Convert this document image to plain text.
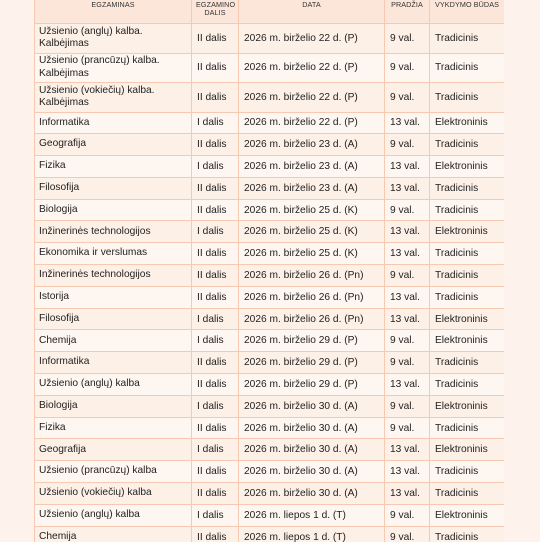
EGZAMINAS	EGZAMINO DALIS	DATA	PRADŽIA	VYKDYMO BŪDAS
Užsienio (anglų) kalba. Kalbėjimas	II dalis	2026 m. birželio 22 d. (P)	9 val.	Tradicinis
Užsienio (prancūzų) kalba. Kalbėjimas	II dalis	2026 m. birželio 22 d. (P)	9 val.	Tradicinis
Užsienio (vokiečių) kalba. Kalbėjimas	II dalis	2026 m. birželio 22 d. (P)	9 val.	Tradicinis
Informatika	I dalis	2026 m. birželio 22 d. (P)	13 val.	Elektroninis
Geografija	II dalis	2026 m. birželio 23 d. (A)	9 val.	Tradicinis
Fizika	I dalis	2026 m. birželio 23 d. (A)	13 val.	Elektroninis
Filosofija	II dalis	2026 m. birželio 23 d. (A)	13 val.	Tradicinis
Biologija	II dalis	2026 m. birželio 25 d. (K)	9 val.	Tradicinis
Inžinerinės technologijos	I dalis	2026 m. birželio 25 d. (K)	13 val.	Elektroninis
Ekonomika ir verslumas	II dalis	2026 m. birželio 25 d. (K)	13 val.	Tradicinis
Inžinerinės technologijos	II dalis	2026 m. birželio 26 d. (Pn)	9 val.	Tradicinis
Istorija	II dalis	2026 m. birželio 26 d. (Pn)	13 val.	Tradicinis
Filosofija	I dalis	2026 m. birželio 26 d. (Pn)	13 val.	Elektroninis
Chemija	I dalis	2026 m. birželio 29 d. (P)	9 val.	Elektroninis
Informatika	II dalis	2026 m. birželio 29 d. (P)	9 val.	Tradicinis
Užsienio (anglų) kalba	II dalis	2026 m. birželio 29 d. (P)	13 val.	Tradicinis
Biologija	I dalis	2026 m. birželio 30 d. (A)	9 val.	Elektroninis
Fizika	II dalis	2026 m. birželio 30 d. (A)	9 val.	Tradicinis
Geografija	I dalis	2026 m. birželio 30 d. (A)	13 val.	Elektroninis
Užsienio (prancūzų) kalba	II dalis	2026 m. birželio 30 d. (A)	13 val.	Tradicinis
Užsienio (vokiečių) kalba	II dalis	2026 m. birželio 30 d. (A)	13 val.	Tradicinis
Užsienio (anglų) kalba	I dalis	2026 m. liepos 1 d. (T)	9 val.	Elektroninis
Chemija	II dalis	2026 m. liepos 1 d. (T)	9 val.	Tradicinis
